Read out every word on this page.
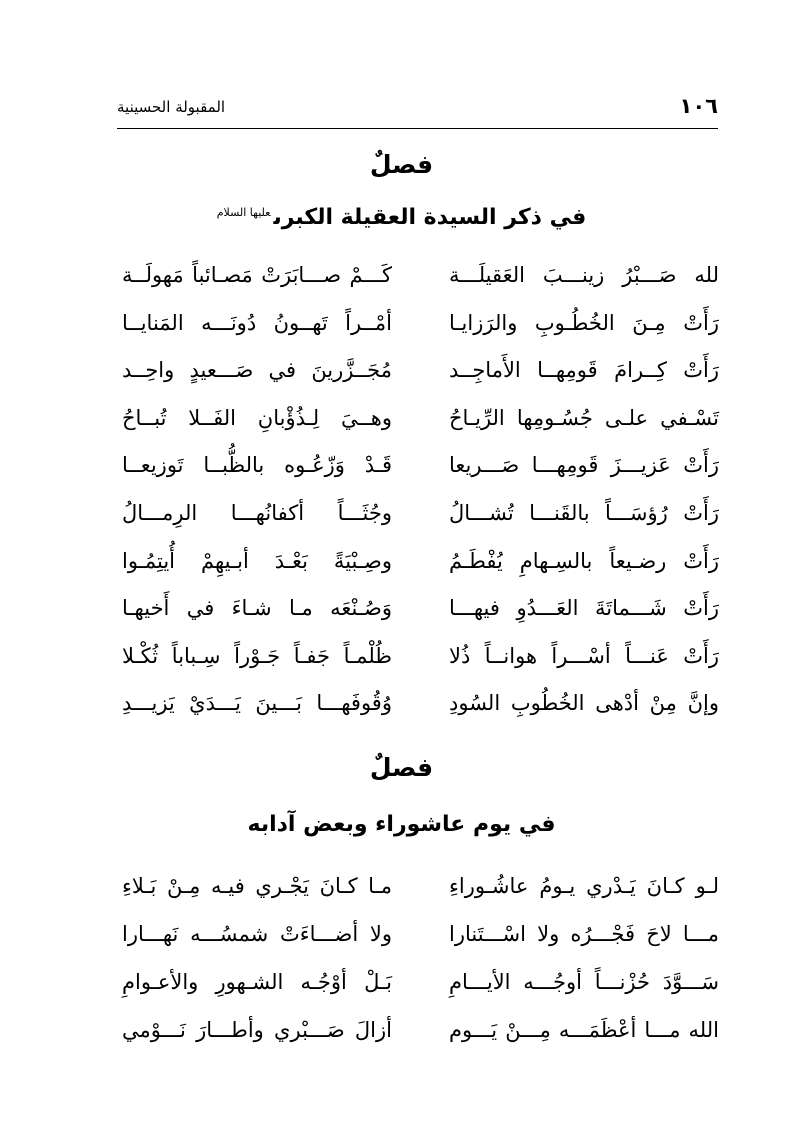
١٠٦
المقبولة الحسينية
فصلٌ
في ذكر السيدة العقيلة الكبرى$^{عليها السلام}$
لله صَـــبْرُ زينـــبَ العَقيلَـــة
كَـــمْ صـــابَرَتْ مَصـائباً مَهولَــة
رَأَتْ مِـنَ الخُطُـوبِ والرَزايـا
أمْــراً تَهــونُ دُونَـــه المَنايــا
رَأَتْ كِــرامَ قَومِهــا الأَماجِــد
مُجَــزَّرينَ في صَـــعيدٍ واحِــد
تَسْـفي علـى جُسُـومِها الرِّيـاحُ
وهــيَ لِـذُؤْبانِ الفَــلا تُبــاحُ
رَأَتْ عَزيـــزَ قَومِهـــا صَـــريعا
قَـدْ وَزّعُـوه بالظُّبــا تَوزيعــا
رَأَتْ رُؤسَـــاً بالقَنـــا تُشـــالُ
وجُثَـــاً أكفانُهـــا الرِمـــالُ
رَأَتْ رضـيعاً بالسِـهامِ يُفْطَـمُ
وصِـبْيَةً بَعْـدَ أبـيهِمْ أُيتِمُـوا
رَأَتْ شَـــماتَةَ العَـــدُوِ فيهـــا
وَصُـنْعَه مـا شـاءَ في أَخيهـا
رَأَتْ عَنـــاً أسْـــراً هوانــاً ذُلا
ظُلْمـاً جَفـاً جَـوْراً سِـباباً ثُكْـلا
وإنَّ مِنْ أدْهى الخُطُوبِ السُودِ
وُقُوفَهـــا بَـــينَ يَـــدَيْ يَزيـــدِ
فصلٌ
في يوم عاشوراء وبعض آدابه
لـو كـانَ يَـدْري يـومُ عاشُـوراءِ
مـا كـانَ يَجْـري فيـه مِـنْ بَـلاءِ
مـــا لاحَ فَجْـــرُه ولا اسْـــتَنارا
ولا أضـــاءَتْ شمسُـــه نَهـــارا
سَـــوَّدَ حُزْنـــاً أوجُـــه الأيـــامِ
بَـلْ أوْجُـه الشـهورِ والأعـوامِ
الله مـــا أعْظَمَـــه مِـــنْ يَـــوم
أزالَ صَـــبْري وأطـــارَ نَـــوْمي
